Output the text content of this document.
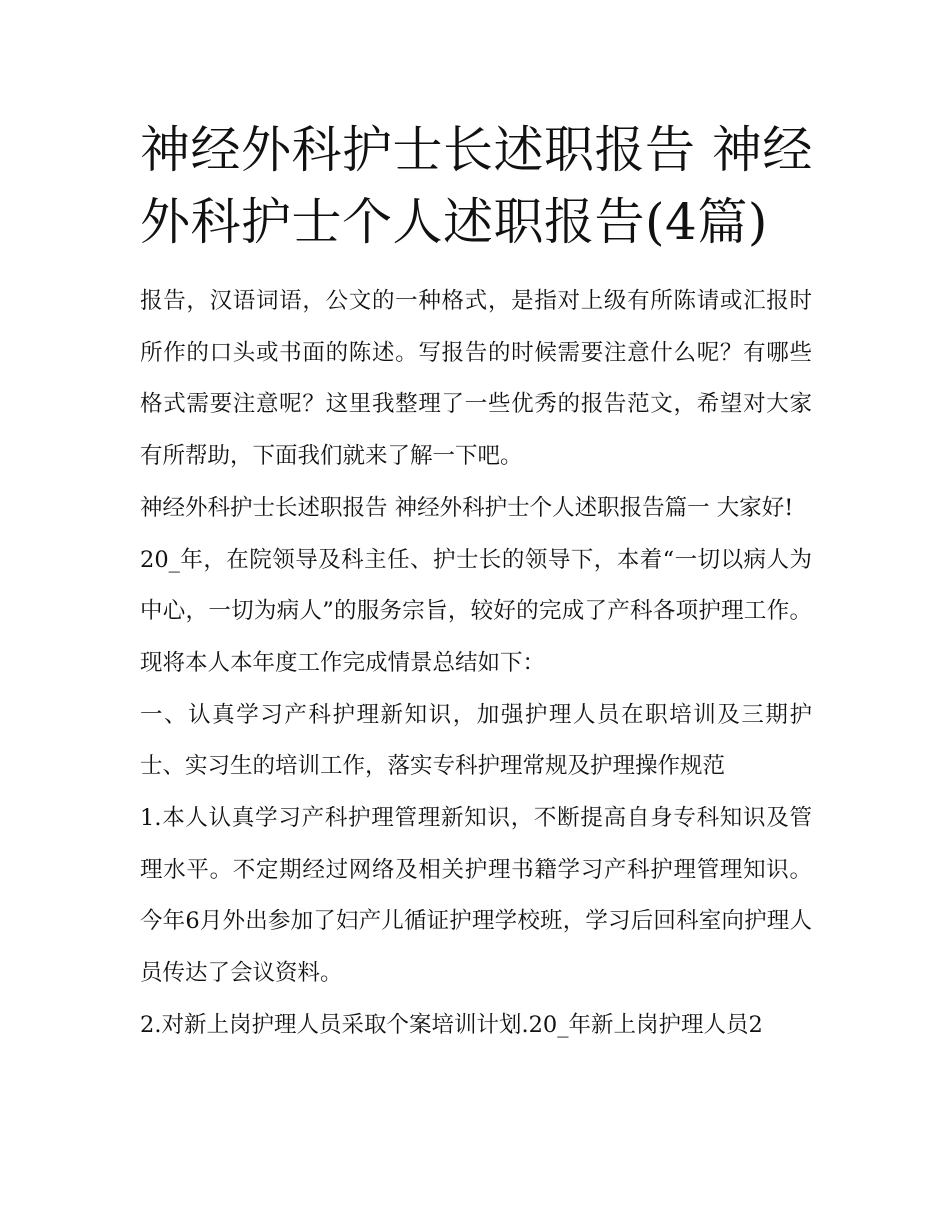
神经外科护士长述职报告 神经外科护士个人述职报告(4篇)

报告，汉语词语，公文的一种格式，是指对上级有所陈请或汇报时所作的口头或书面的陈述。写报告的时候需要注意什么呢？有哪些格式需要注意呢？这里我整理了一些优秀的报告范文，希望对大家有所帮助，下面我们就来了解一下吧。

神经外科护士长述职报告 神经外科护士个人述职报告篇一 大家好!

20_年，在院领导及科主任、护士长的领导下，本着“一切以病人为中心，一切为病人”的服务宗旨，较好的完成了产科各项护理工作。现将本人本年度工作完成情景总结如下：

一、认真学习产科护理新知识，加强护理人员在职培训及三期护士、实习生的培训工作，落实专科护理常规及护理操作规范

1.本人认真学习产科护理管理新知识，不断提高自身专科知识及管理水平。不定期经过网络及相关护理书籍学习产科护理管理知识。今年6月外出参加了妇产儿循证护理学校班，学习后回科室向护理人员传达了会议资料。

2.对新上岗护理人员采取个案培训计划.20_年新上岗护理人员2
